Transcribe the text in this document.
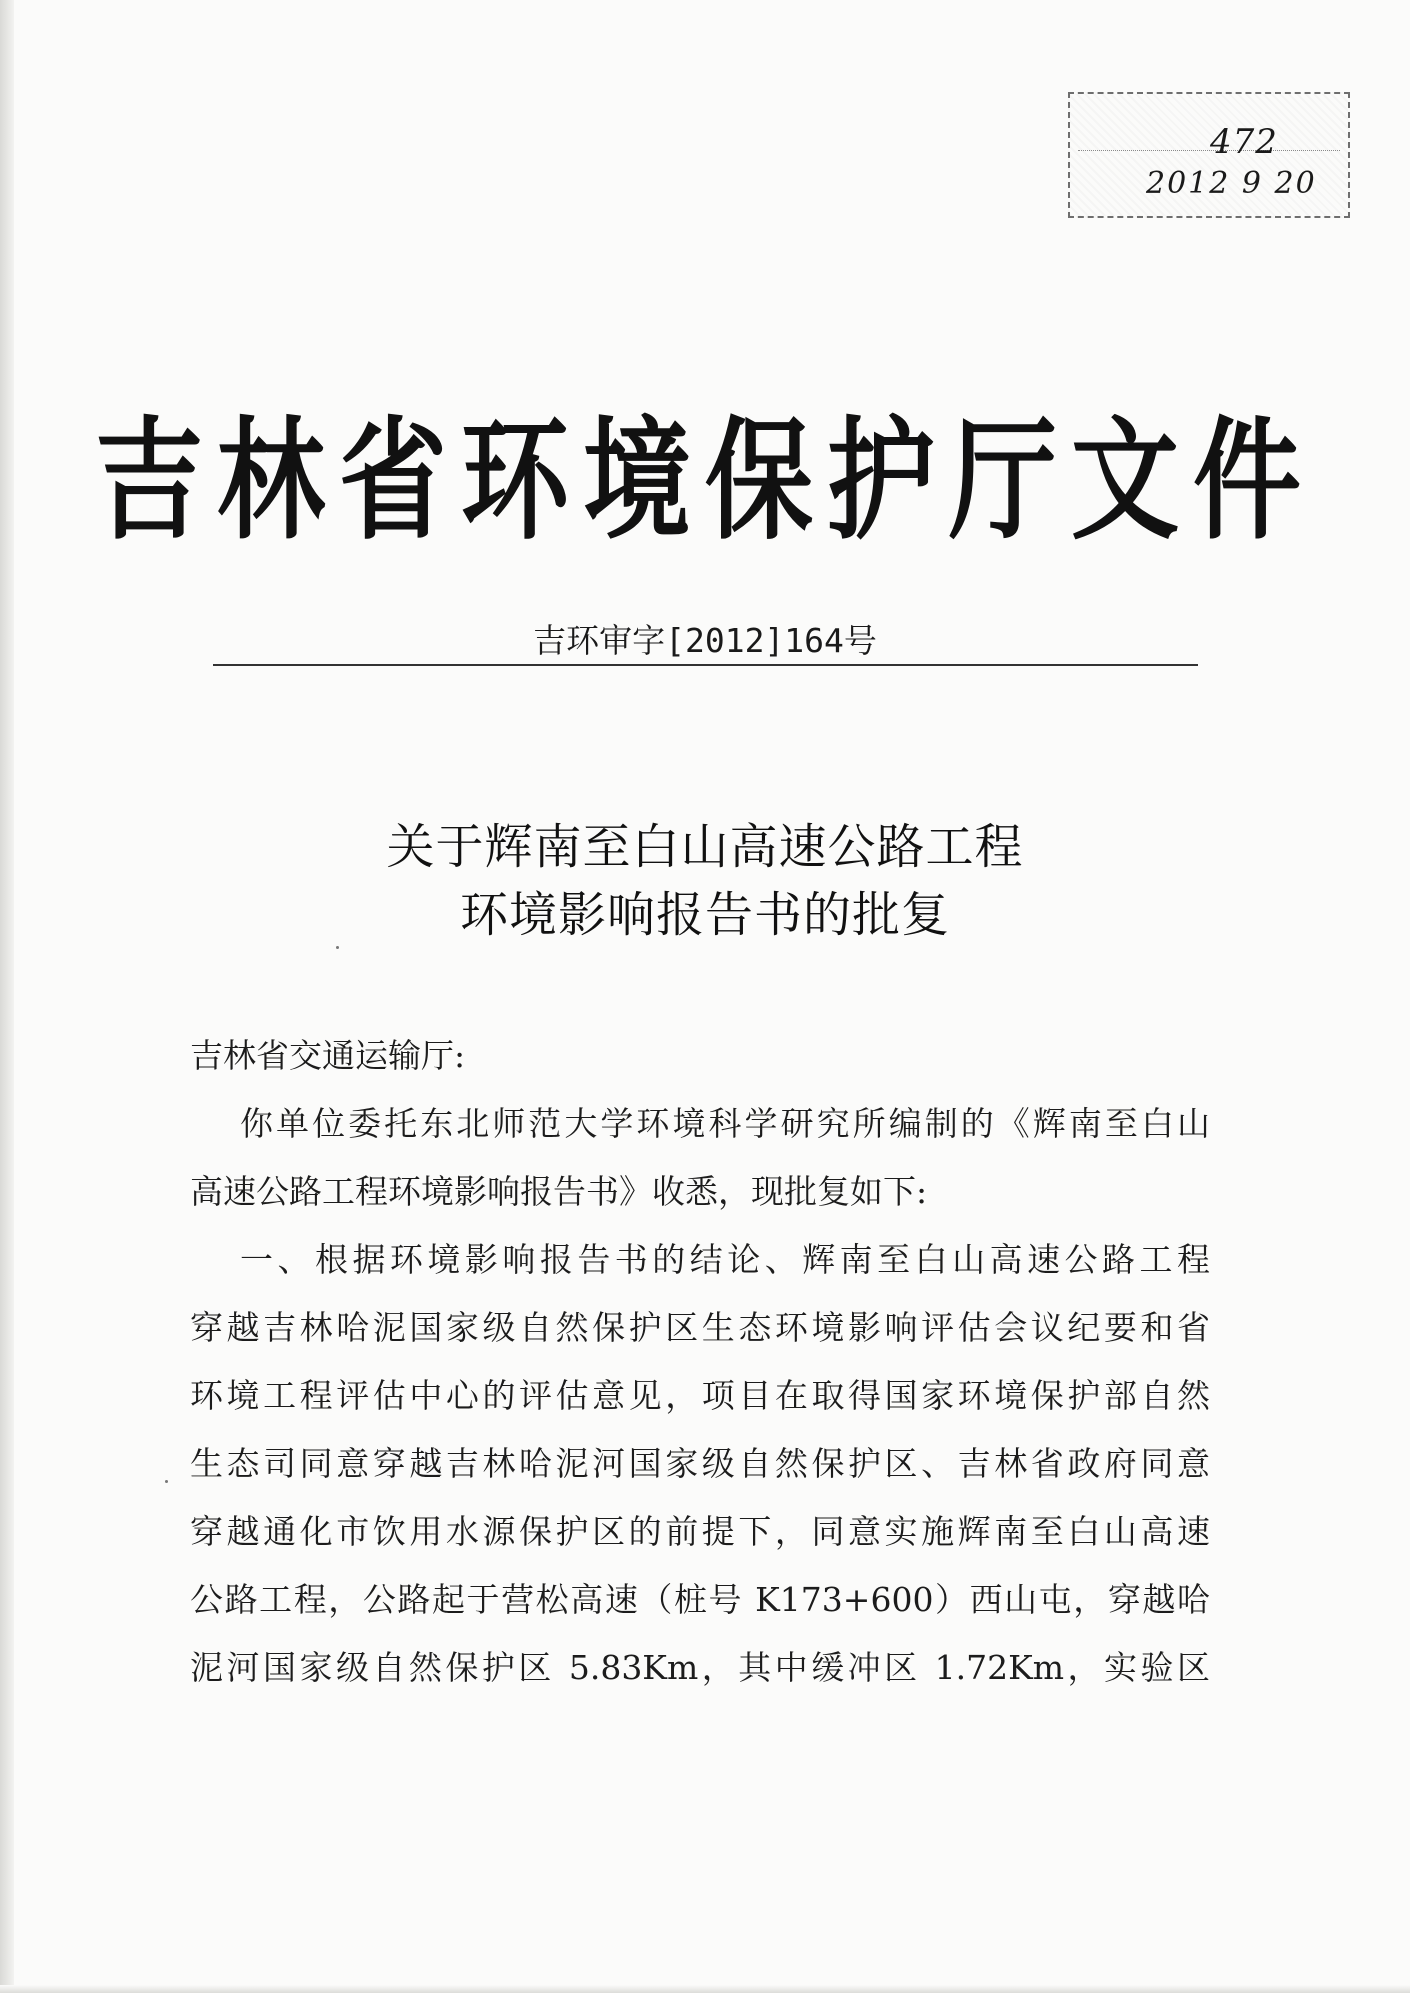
472
2012 9 20
吉林省环境保护厅文件
吉环审字[2012]164号
关于辉南至白山高速公路工程
环境影响报告书的批复
吉林省交通运输厅:
你单位委托东北师范大学环境科学研究所编制的《辉南至白山
高速公路工程环境影响报告书》收悉，现批复如下:
一、根据环境影响报告书的结论、辉南至白山高速公路工程
穿越吉林哈泥国家级自然保护区生态环境影响评估会议纪要和省
环境工程评估中心的评估意见，项目在取得国家环境保护部自然
生态司同意穿越吉林哈泥河国家级自然保护区、吉林省政府同意
穿越通化市饮用水源保护区的前提下，同意实施辉南至白山高速
公路工程，公路起于营松高速（桩号 K173+600）西山屯，穿越哈
泥河国家级自然保护区 5.83Km，其中缓冲区 1.72Km，实验区
